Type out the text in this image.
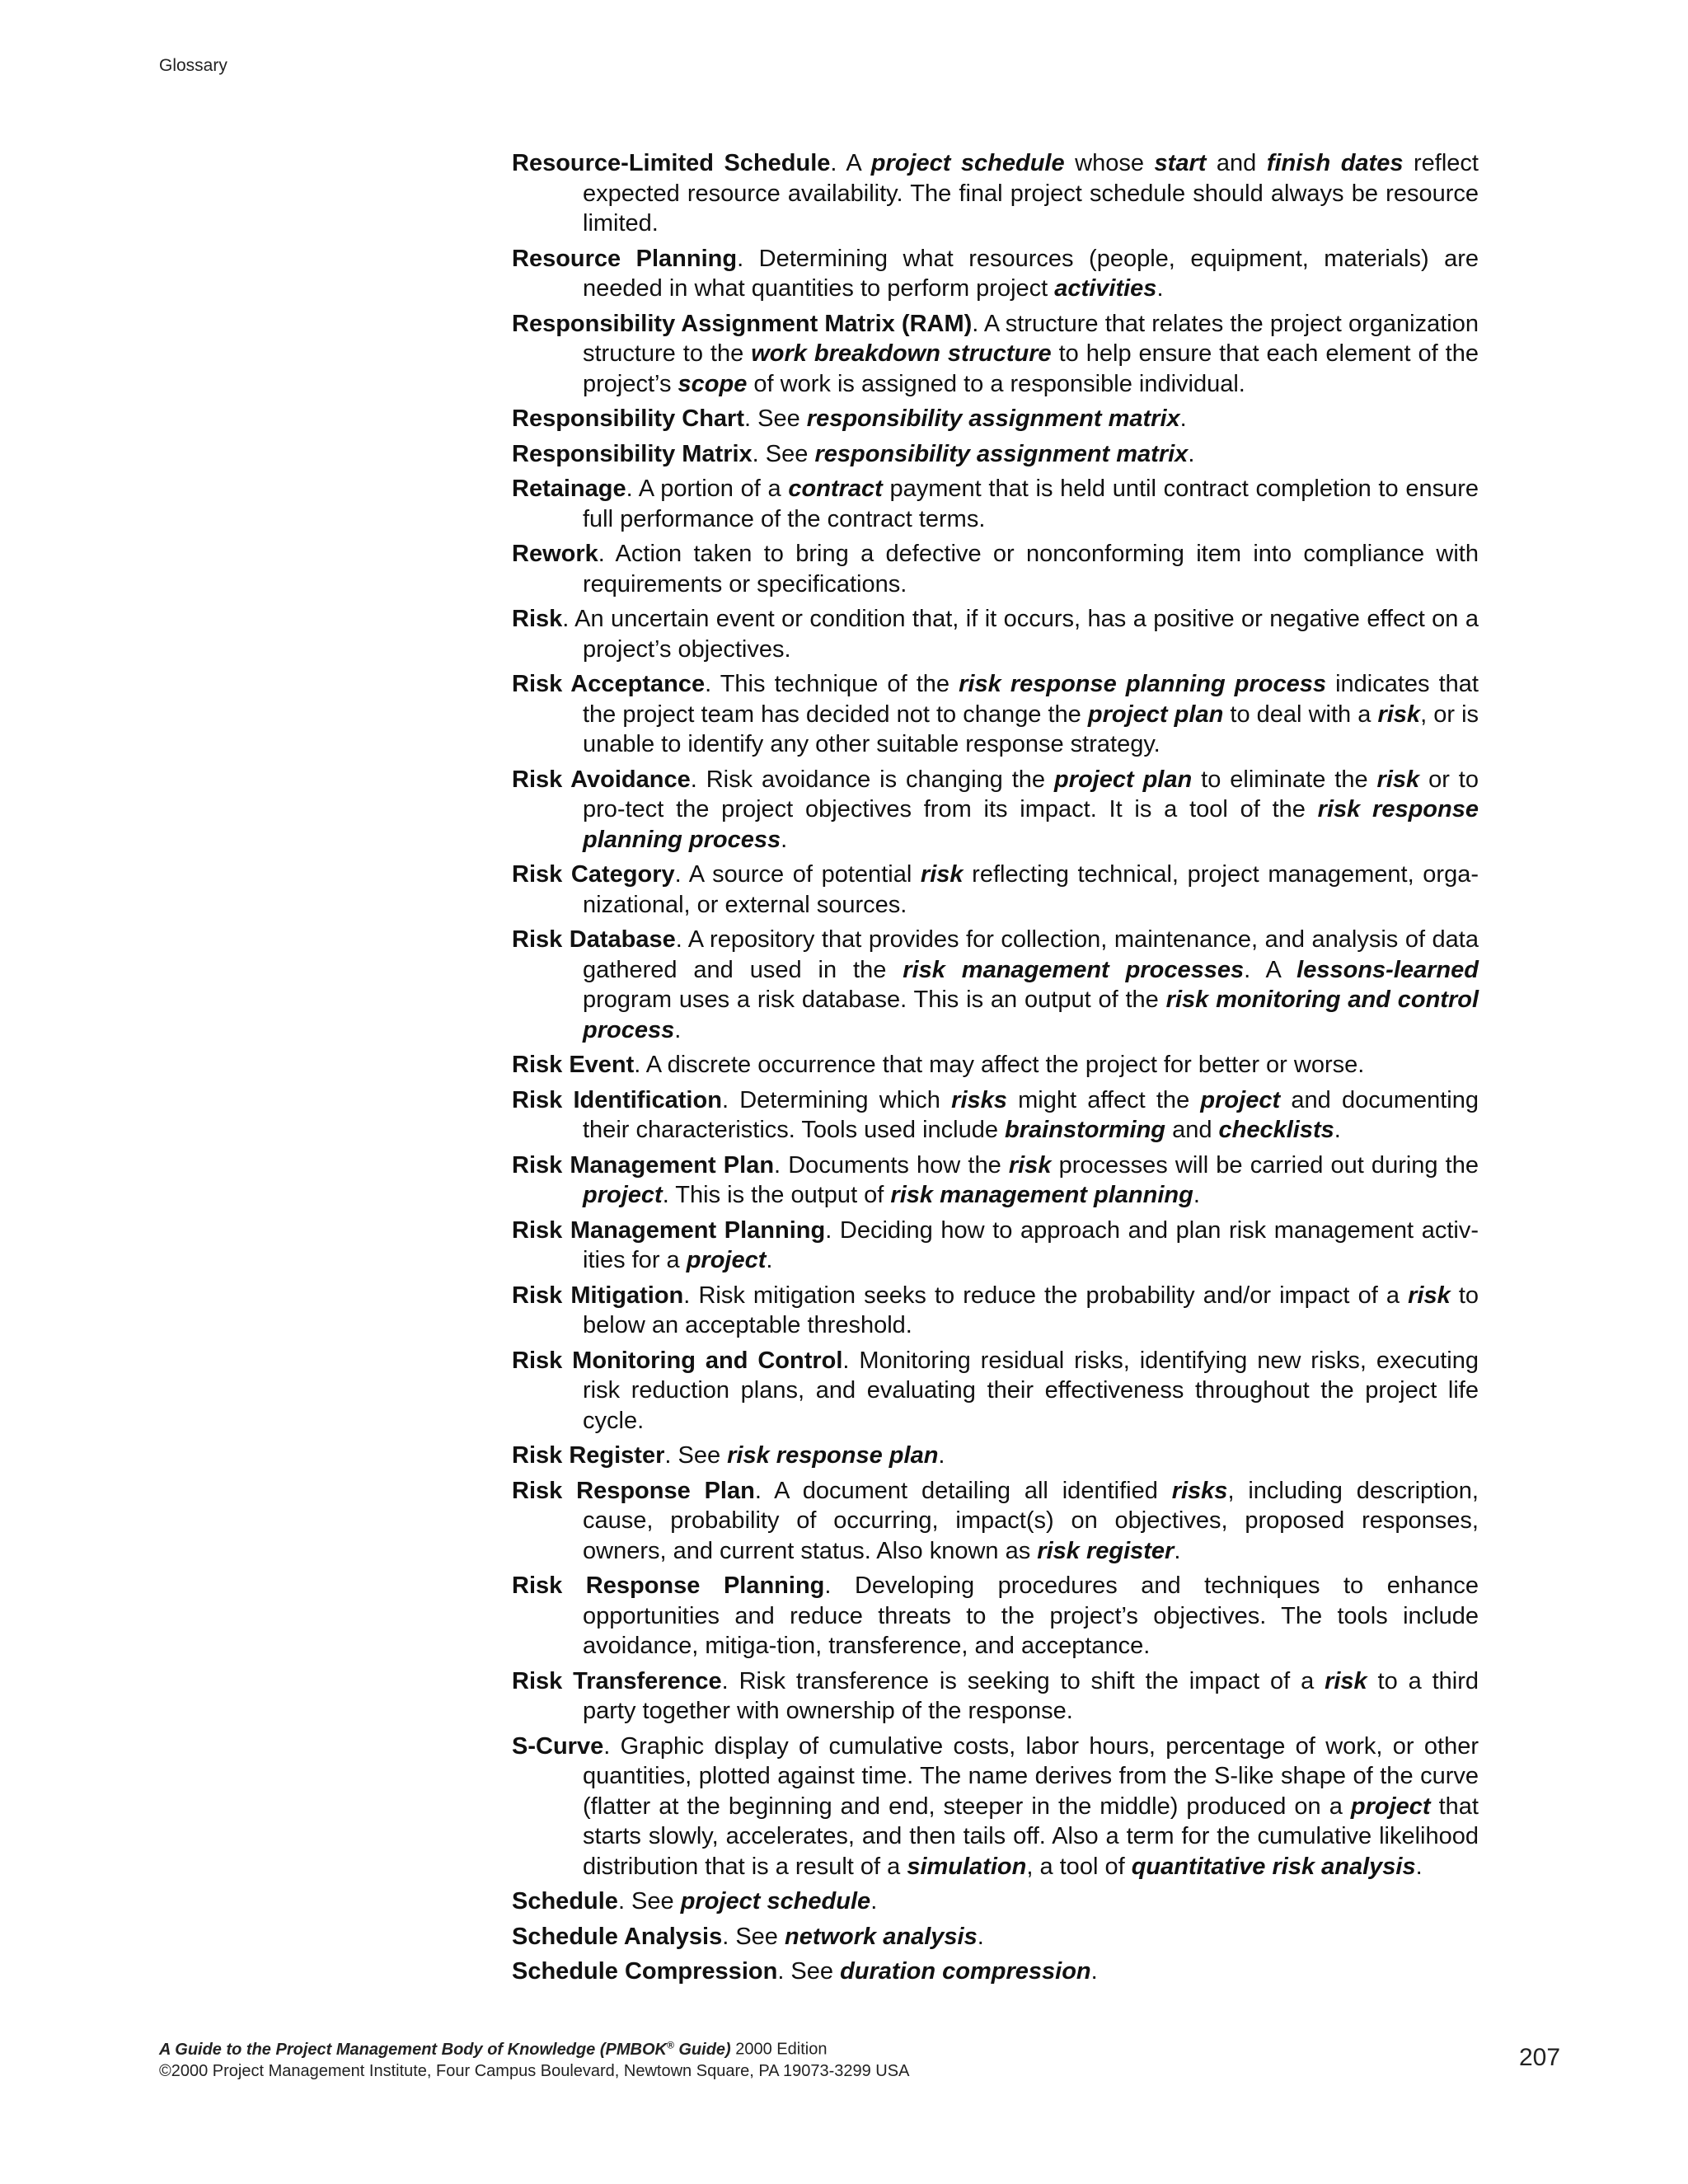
Glossary

Resource-Limited Schedule. A project schedule whose start and finish dates reflect expected resource availability. The final project schedule should always be resource limited.

Resource Planning. Determining what resources (people, equipment, materials) are needed in what quantities to perform project activities.

Responsibility Assignment Matrix (RAM). A structure that relates the project organization structure to the work breakdown structure to help ensure that each element of the project’s scope of work is assigned to a responsible individual.

Responsibility Chart. See responsibility assignment matrix.

Responsibility Matrix. See responsibility assignment matrix.

Retainage. A portion of a contract payment that is held until contract completion to ensure full performance of the contract terms.

Rework. Action taken to bring a defective or nonconforming item into compliance with requirements or specifications.

Risk. An uncertain event or condition that, if it occurs, has a positive or negative effect on a project’s objectives.

Risk Acceptance. This technique of the risk response planning process indicates that the project team has decided not to change the project plan to deal with a risk, or is unable to identify any other suitable response strategy.

Risk Avoidance. Risk avoidance is changing the project plan to eliminate the risk or to pro-tect the project objectives from its impact. It is a tool of the risk response planning process.

Risk Category. A source of potential risk reflecting technical, project management, orga-nizational, or external sources.

Risk Database. A repository that provides for collection, maintenance, and analysis of data gathered and used in the risk management processes. A lessons-learned program uses a risk database. This is an output of the risk monitoring and control process.

Risk Event. A discrete occurrence that may affect the project for better or worse.

Risk Identification. Determining which risks might affect the project and documenting their characteristics. Tools used include brainstorming and checklists.

Risk Management Plan. Documents how the risk processes will be carried out during the project. This is the output of risk management planning.

Risk Management Planning. Deciding how to approach and plan risk management activ-ities for a project.

Risk Mitigation. Risk mitigation seeks to reduce the probability and/or impact of a risk to below an acceptable threshold.

Risk Monitoring and Control. Monitoring residual risks, identifying new risks, executing risk reduction plans, and evaluating their effectiveness throughout the project life cycle.

Risk Register. See risk response plan.

Risk Response Plan. A document detailing all identified risks, including description, cause, probability of occurring, impact(s) on objectives, proposed responses, owners, and current status. Also known as risk register.

Risk Response Planning. Developing procedures and techniques to enhance opportunities and reduce threats to the project’s objectives. The tools include avoidance, mitiga-tion, transference, and acceptance.

Risk Transference. Risk transference is seeking to shift the impact of a risk to a third party together with ownership of the response.

S-Curve. Graphic display of cumulative costs, labor hours, percentage of work, or other quantities, plotted against time. The name derives from the S-like shape of the curve (flatter at the beginning and end, steeper in the middle) produced on a project that starts slowly, accelerates, and then tails off. Also a term for the cumulative likelihood distribution that is a result of a simulation, a tool of quantitative risk analysis.

Schedule. See project schedule.

Schedule Analysis. See network analysis.

Schedule Compression. See duration compression.

A Guide to the Project Management Body of Knowledge (PMBOK® Guide) 2000 Edition
©2000 Project Management Institute, Four Campus Boulevard, Newtown Square, PA 19073-3299 USA	207
